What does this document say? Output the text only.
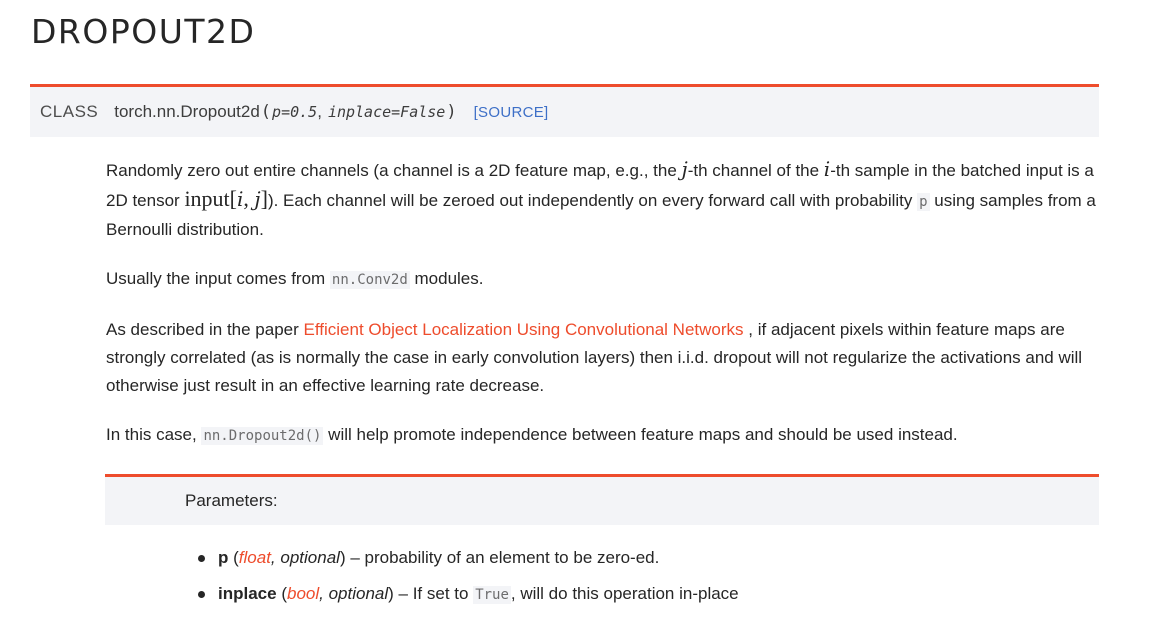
DROPOUT2D
CLASS torch.nn.Dropout2d ( p=0.5 , inplace=False ) [SOURCE]

Randomly zero out entire channels (a channel is a 2D feature map, e.g., the j-th channel of the i-th sample in the batched input is a 2D tensor input[i, j]). Each channel will be zeroed out independently on every forward call with probability p using samples from a Bernoulli distribution.

Usually the input comes from nn.Conv2d modules.

As described in the paper Efficient Object Localization Using Convolutional Networks , if adjacent pixels within feature maps are strongly correlated (as is normally the case in early convolution layers) then i.i.d. dropout will not regularize the activations and will otherwise just result in an effective learning rate decrease.

In this case, nn.Dropout2d() will help promote independence between feature maps and should be used instead.

Parameters:
p (float, optional) – probability of an element to be zero-ed.
inplace (bool, optional) – If set to True , will do this operation in-place
